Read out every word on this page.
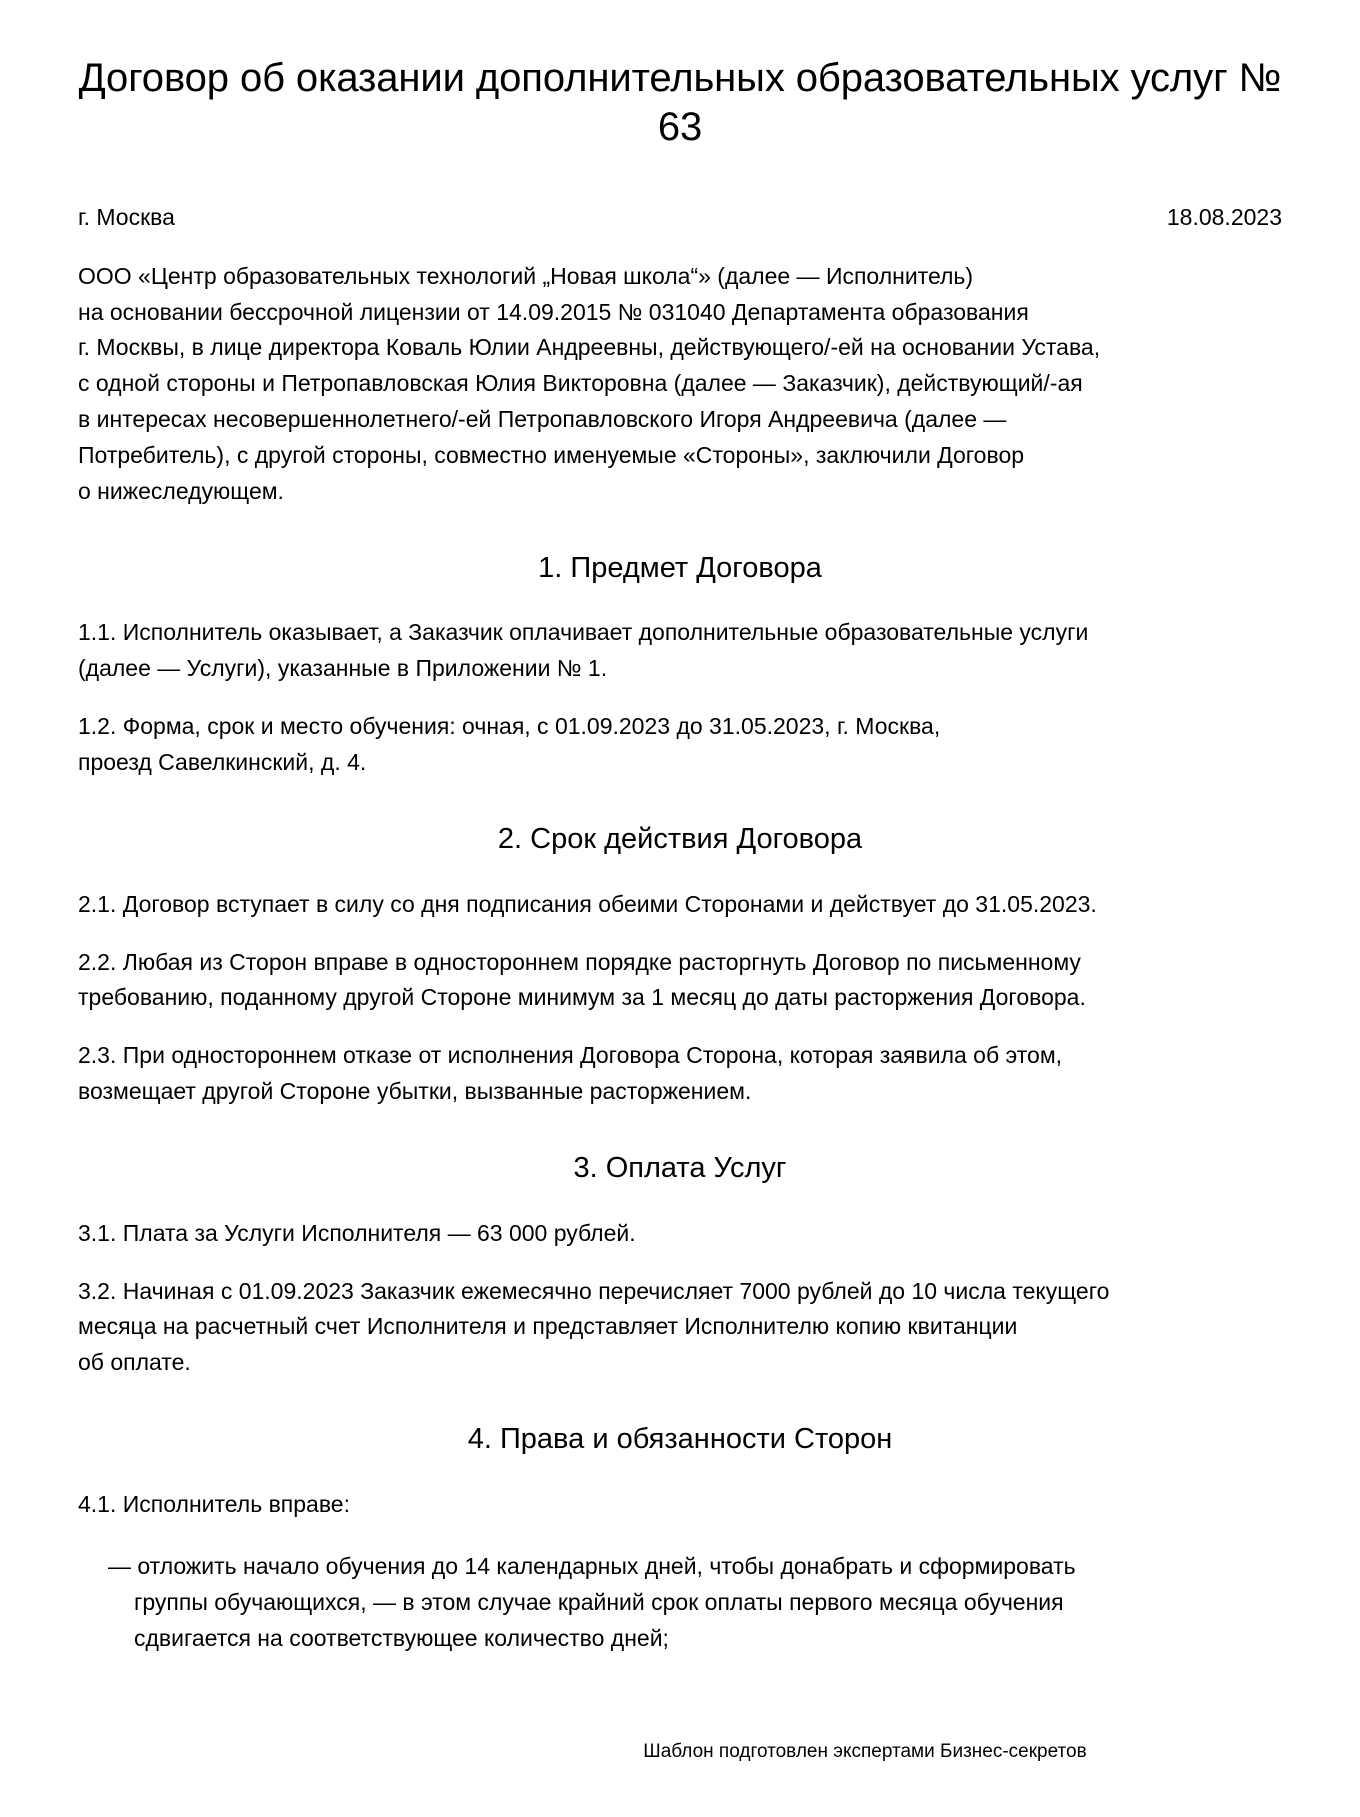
Договор об оказании дополнительных образовательных услуг № 63
г. Москва	18.08.2023
ООО «Центр образовательных технологий „Новая школа“» (далее — Исполнитель)
на основании бессрочной лицензии от 14.09.2015 № 031040 Департамента образования
г. Москвы, в лице директора Коваль Юлии Андреевны, действующего/-ей на основании Устава,
с одной стороны и Петропавловская Юлия Викторовна (далее — Заказчик), действующий/-ая
в интересах несовершеннолетнего/-ей Петропавловского Игоря Андреевича (далее —
Потребитель), с другой стороны, совместно именуемые «Стороны», заключили Договор
о нижеследующем.
1. Предмет Договора
1.1. Исполнитель оказывает, а Заказчик оплачивает дополнительные образовательные услуги
(далее — Услуги), указанные в Приложении № 1.
1.2. Форма, срок и место обучения: очная, с 01.09.2023 до 31.05.2023, г. Москва,
проезд Савелкинский, д. 4.
2. Срок действия Договора
2.1. Договор вступает в силу со дня подписания обеими Сторонами и действует до 31.05.2023.
2.2. Любая из Сторон вправе в одностороннем порядке расторгнуть Договор по письменному
требованию, поданному другой Стороне минимум за 1 месяц до даты расторжения Договора.
2.3. При одностороннем отказе от исполнения Договора Сторона, которая заявила об этом,
возмещает другой Стороне убытки, вызванные расторжением.
3. Оплата Услуг
3.1. Плата за Услуги Исполнителя — 63 000 рублей.
3.2. Начиная с 01.09.2023 Заказчик ежемесячно перечисляет 7000 рублей до 10 числа текущего
месяца на расчетный счет Исполнителя и представляет Исполнителю копию квитанции
об оплате.
4. Права и обязанности Сторон
4.1. Исполнитель вправе:
— отложить начало обучения до 14 календарных дней, чтобы донабрать и сформировать
группы обучающихся, — в этом случае крайний срок оплаты первого месяца обучения
сдвигается на соответствующее количество дней;
Шаблон подготовлен экспертами Бизнес-секретов
